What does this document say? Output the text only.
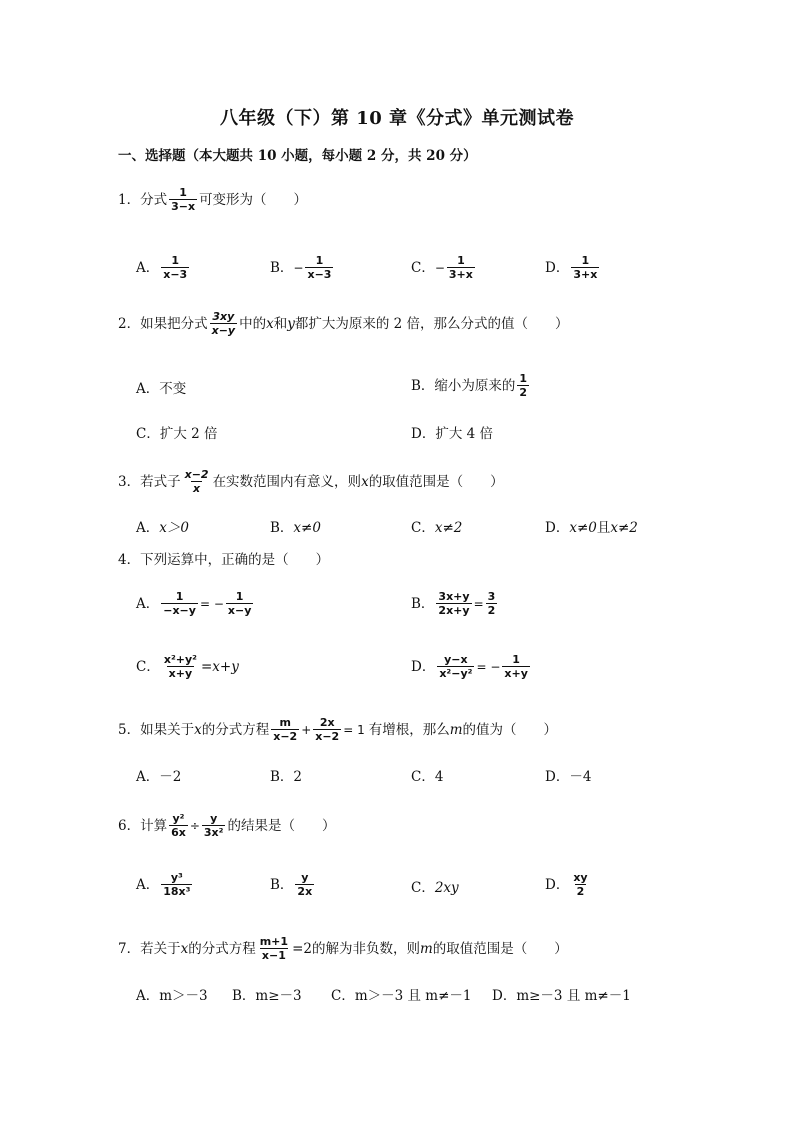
八年级（下）第 10 章《分式》单元测试卷
一、选择题（本大题共 10 小题，每小题 2 分，共 20 分）
1．分式 $\frac{1}{3-x}$ 可变形为（　　）
A． $\frac{1}{x-3}$	B． − $\frac{1}{x-3}$	C． − $\frac{1}{3+x}$	D． $\frac{1}{3+x}$
2．如果把分式 $\frac{3xy}{x-y}$ 中的 x 和 y 都扩大为原来的 2 倍，那么分式的值（　　）
A．不变	B．缩小为原来的 $\frac{1}{2}$
C．扩大 2 倍	D．扩大 4 倍
3．若式子 $\frac{x-2}{x}$ 在实数范围内有意义，则 x 的取值范围是（　　）
A． x＞0	B． x≠0	C． x≠2	D． x≠0 且 x≠2
4．下列运算中，正确的是（　　）
A． $\frac{1}{-x-y}$ = − $\frac{1}{x-y}$	B． $\frac{3x+y}{2x+y} = \frac{3}{2}$
C． $\frac{\text{x²+y²}}{x+y} =x+y$	D． $\frac{y-x}{\text{x²−y²}}$ = − $\frac{1}{x+y}$
5．如果关于 x 的分式方程 $\frac{m}{x-2} + \frac{2x}{x-2} = 1$ 有增根，那么 m 的值为（　　）
A．－2	B．2	C．4	D．－4
6．计算 $\frac{\text{y²}}{6x} \div \frac{y}{\text{3x²}}$ 的结果是（　　）
A． $\frac{\text{y³}}{\text{18x³}}$	B． $\frac{y}{2x}$	C． 2xy	D． $\frac{xy}{2}$
7．若关于 x 的分式方程 $\frac{m+1}{x-1} =2$ 的解为非负数，则 m 的取值范围是（　　）
A．m＞－3 B．m≥－3 C．m＞－3 且 m≠－1 D．m≥－3 且 m≠－1
